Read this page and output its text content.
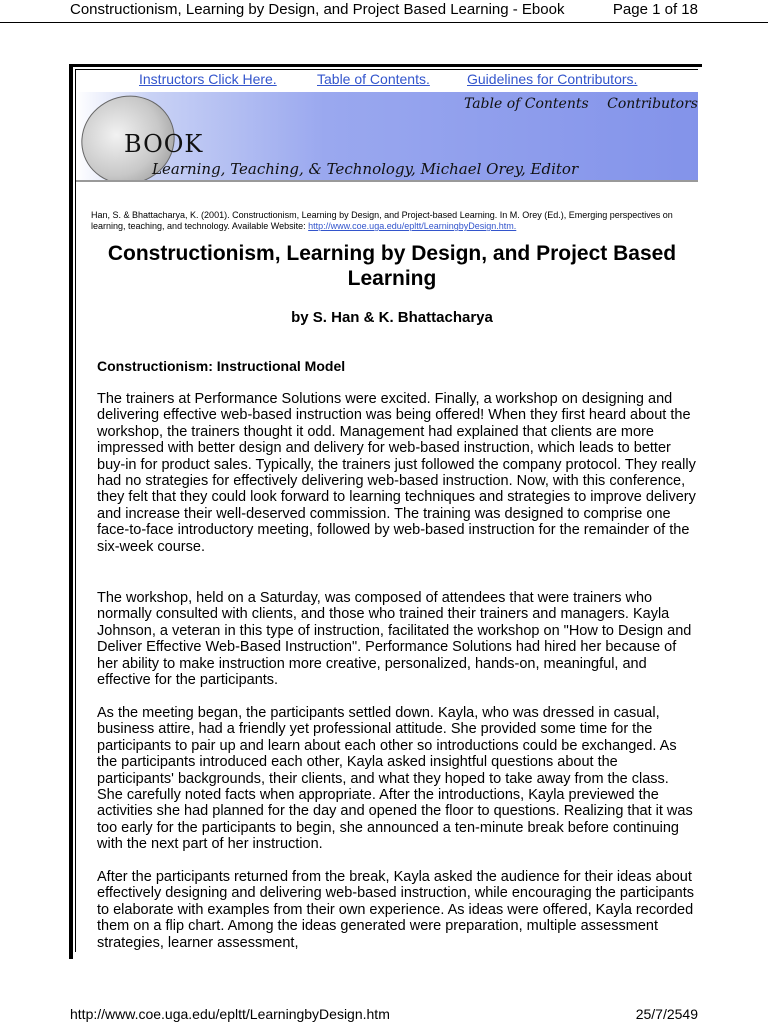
Constructionism, Learning by Design, and Project Based Learning - Ebook	Page 1 of 18
Instructors Click Here.	Table of Contents.	Guidelines for Contributors.
BOOK
Table of Contents Contributors
Learning, Teaching, & Technology, Michael Orey, Editor
Han, S. & Bhattacharya, K. (2001). Constructionism, Learning by Design, and Project-based Learning. In M. Orey (Ed.), Emerging perspectives on learning, teaching, and technology. Available Website: http://www.coe.uga.edu/epltt/LearningbyDesign.htm.
Constructionism, Learning by Design, and Project Based Learning

by S. Han & K. Bhattacharya

Constructionism: Instructional Model

The trainers at Performance Solutions were excited. Finally, a workshop on designing and delivering effective web-based instruction was being offered! When they first heard about the workshop, the trainers thought it odd. Management had explained that clients are more impressed with better design and delivery for web-based instruction, which leads to better buy-in for product sales. Typically, the trainers just followed the company protocol. They really had no strategies for effectively delivering web-based instruction. Now, with this conference, they felt that they could look forward to learning techniques and strategies to improve delivery and increase their well-deserved commission. The training was designed to comprise one face-to-face introductory meeting, followed by web-based instruction for the remainder of the six-week course.

The workshop, held on a Saturday, was composed of attendees that were trainers who normally consulted with clients, and those who trained their trainers and managers. Kayla Johnson, a veteran in this type of instruction, facilitated the workshop on "How to Design and Deliver Effective Web-Based Instruction". Performance Solutions had hired her because of her ability to make instruction more creative, personalized, hands-on, meaningful, and effective for the participants.

As the meeting began, the participants settled down. Kayla, who was dressed in casual, business attire, had a friendly yet professional attitude. She provided some time for the participants to pair up and learn about each other so introductions could be exchanged. As the participants introduced each other, Kayla asked insightful questions about the participants' backgrounds, their clients, and what they hoped to take away from the class. She carefully noted facts when appropriate. After the introductions, Kayla previewed the activities she had planned for the day and opened the floor to questions. Realizing that it was too early for the participants to begin, she announced a ten-minute break before continuing with the next part of her instruction.

After the participants returned from the break, Kayla asked the audience for their ideas about effectively designing and delivering web-based instruction, while encouraging the participants to elaborate with examples from their own experience. As ideas were offered, Kayla recorded them on a flip chart. Among the ideas generated were preparation, multiple assessment strategies, learner assessment,

http://www.coe.uga.edu/epltt/LearningbyDesign.htm	25/7/2549
